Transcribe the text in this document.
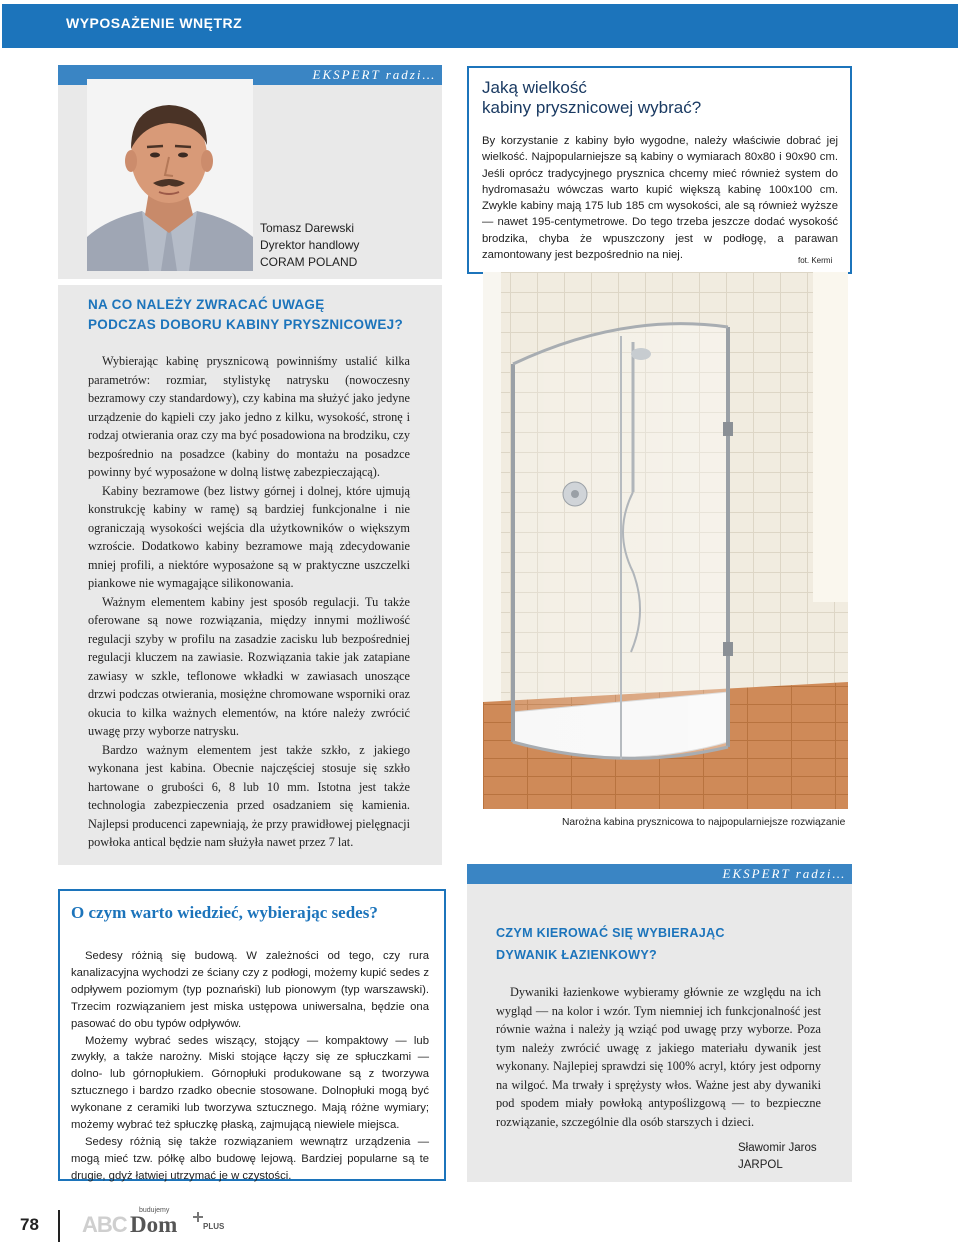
WYPOSAŻENIE WNĘTRZ
EKSPERT radzi…
Tomasz Darewski
Dyrektor handlowy
CORAM POLAND
Jaką wielkość
kabiny prysznicowej wybrać?
By korzystanie z kabiny było wygodne, należy właściwie dobrać jej wielkość. Najpopularniejsze są kabiny o wymiarach 80x80 i 90x90 cm. Jeśli oprócz tradycyjnego prysznica chcemy mieć również system do hydromasażu wówczas warto kupić większą kabinę 100x100 cm. Zwykle kabiny mają 175 lub 185 cm wysokości, ale są również wyższe — nawet 195-centymetrowe. Do tego trzeba jeszcze dodać wysokość brodzika, chyba że wpuszczony jest w podłogę, a parawan zamontowany jest bezpośrednio na niej.	fot. Kermi
NA CO NALEŻY ZWRACAĆ UWAGĘ
PODCZAS DOBORU KABINY PRYSZNICOWEJ?

Wybierając kabinę prysznicową powinniśmy ustalić kilka parametrów: rozmiar, stylistykę natrysku (nowoczesny bezramowy czy standardowy), czy kabina ma służyć jako jedyne urządzenie do kąpieli czy jako jedno z kilku, wysokość, stronę i rodzaj otwierania oraz czy ma być posadowiona na brodziku, czy bezpośrednio na posadzce (kabiny do montażu na posadzce powinny być wyposażone w dolną listwę zabezpieczającą).

Kabiny bezramowe (bez listwy górnej i dolnej, które ujmują konstrukcję kabiny w ramę) są bardziej funkcjonalne i nie ograniczają wysokości wejścia dla użytkowników o większym wzroście. Dodatkowo kabiny bezramowe mają zdecydowanie mniej profili, a niektóre wyposażone są w praktyczne uszczelki piankowe nie wymagające silikonowania.

Ważnym elementem kabiny jest sposób regulacji. Tu także oferowane są nowe rozwiązania, między innymi możliwość regulacji szyby w profilu na zasadzie zacisku lub bezpośredniej regulacji kluczem na zawiasie. Rozwiązania takie jak zatapiane zawiasy w szkle, teflonowe wkładki w zawiasach unoszące drzwi podczas otwierania, mosiężne chromowane wsporniki oraz okucia to kilka ważnych elementów, na które należy zwrócić uwagę przy wyborze natrysku.

Bardzo ważnym elementem jest także szkło, z jakiego wykonana jest kabina. Obecnie najczęściej stosuje się szkło hartowane o grubości 6, 8 lub 10 mm. Istotna jest także technologia zabezpieczenia przed osadzaniem się kamienia. Najlepsi producenci zapewniają, że przy prawidłowej pielęgnacji powłoka antical będzie nam służyła nawet przez 7 lat.

Narożna kabina prysznicowa to najpopularniejsze rozwiązanie
EKSPERT radzi…
O czym warto wiedzieć, wybierając sedes?

Sedesy różnią się budową. W zależności od tego, czy rura kanalizacyjna wychodzi ze ściany czy z podłogi, możemy kupić sedes z odpływem poziomym (typ poznański) lub pionowym (typ warszawski). Trzecim rozwiązaniem jest miska ustępowa uniwersalna, będzie ona pasować do obu typów odpływów.

Możemy wybrać sedes wiszący, stojący — kompaktowy — lub zwykły, a także narożny. Miski stojące łączy się ze spłuczkami — dolno- lub górnopłukiem. Górnopłuki produkowane są z tworzywa sztucznego i bardzo rzadko obecnie stosowane. Dolnopłuki mogą być wykonane z ceramiki lub tworzywa sztucznego. Mają różne wymiary; możemy wybrać też spłuczkę płaską, zajmującą niewiele miejsca.

Sedesy różnią się także rozwiązaniem wewnątrz urządzenia — mogą mieć tzw. półkę albo budowę lejową. Bardziej popularne są te drugie, gdyż łatwiej utrzymać je w czystości.

CZYM KIEROWAĆ SIĘ WYBIERAJĄC
DYWANIK ŁAZIENKOWY?

Dywaniki łazienkowe wybieramy głównie ze względu na ich wygląd — na kolor i wzór. Tym niemniej ich funkcjonalność jest równie ważna i należy ją wziąć pod uwagę przy wyborze. Poza tym należy zwrócić uwagę z jakiego materiału dywanik jest wykonany. Najlepiej sprawdzi się 100% acryl, który jest odporny na wilgoć. Ma trwały i sprężysty włos. Ważne jest aby dywaniki pod spodem miały powłoką antypoślizgową — to bezpieczne rozwiązanie, szczególnie dla osób starszych i dzieci.

Sławomir Jaros
JARPOL
78 ABC
budujemy
Dom	PLUS
